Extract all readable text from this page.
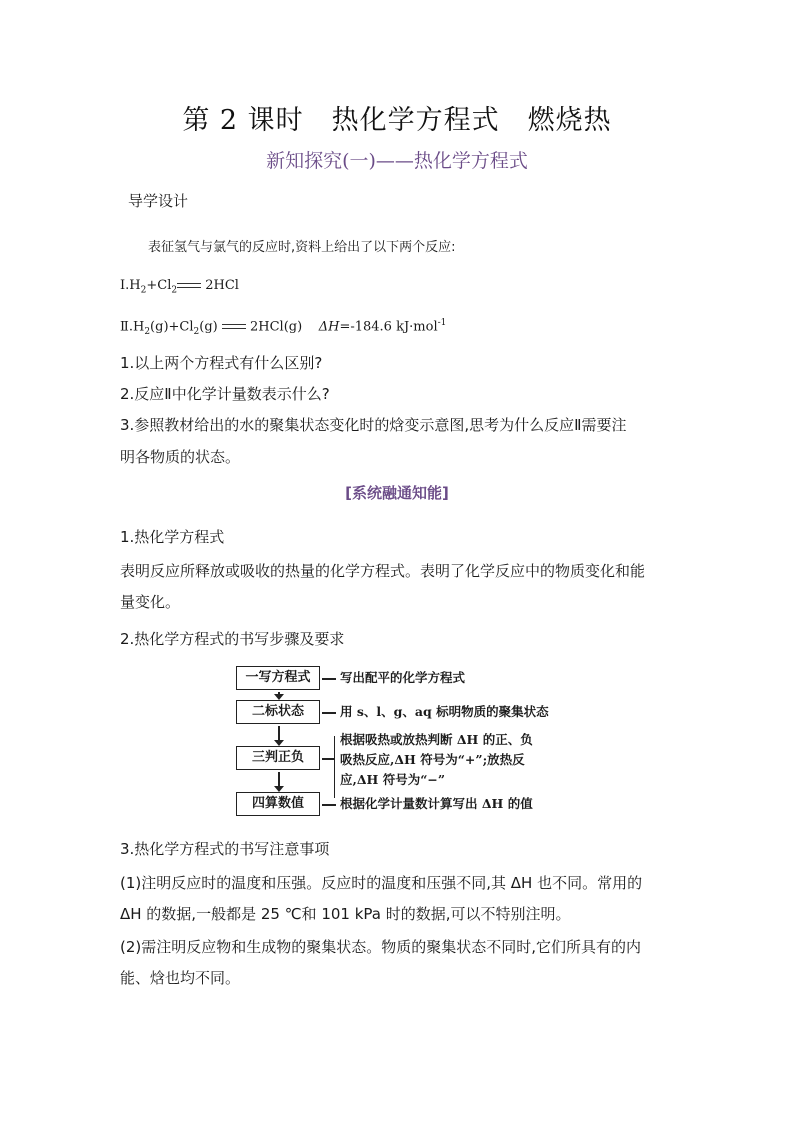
第 2 课时　热化学方程式　燃烧热
新知探究(一)——热化学方程式
导学设计
表征氢气与氯气的反应时,资料上给出了以下两个反应:
$Ⅰ.H_2+Cl_2$ 2HCl
$Ⅱ.H_2(g)+Cl_2(g)$ 2HCl(g) ΔH=-184.6 kJ·mol$^{-1}$
1.以上两个方程式有什么区别?
2.反应Ⅱ中化学计量数表示什么?
3.参照教材给出的水的聚集状态变化时的焓变示意图,思考为什么反应Ⅱ需要注
明各物质的状态。
[系统融通知能]
1.热化学方程式
表明反应所释放或吸收的热量的化学方程式。表明了化学反应中的物质变化和能
量变化。
2.热化学方程式的书写步骤及要求
一写方程式
二标状态
三判正负
四算数值
写出配平的化学方程式
用 s、l、g、aq 标明物质的聚集状态
根据吸热或放热判断 ΔH 的正、负
吸热反应,ΔH 符号为“+”;放热反
应,ΔH 符号为“−”
根据化学计量数计算写出 ΔH 的值
3.热化学方程式的书写注意事项
(1)注明反应时的温度和压强。反应时的温度和压强不同,其 ΔH 也不同。常用的
ΔH 的数据,一般都是 25 ℃和 101 kPa 时的数据,可以不特别注明。
(2)需注明反应物和生成物的聚集状态。物质的聚集状态不同时,它们所具有的内
能、焓也均不同。
